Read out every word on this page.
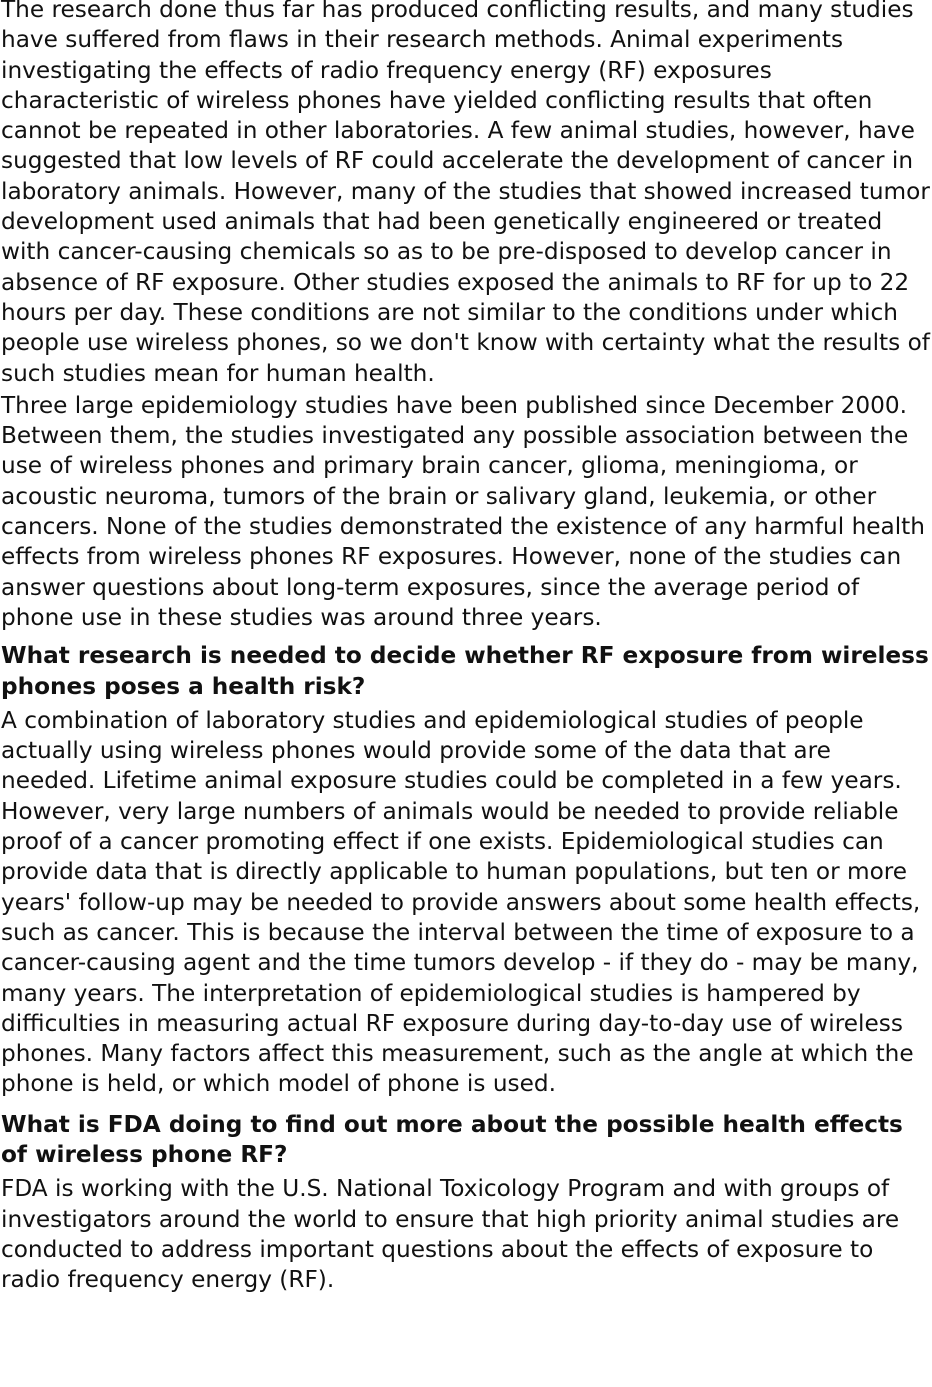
The research done thus far has produced conflicting results, and many studies have suffered from flaws in their research methods. Animal experiments investigating the effects of radio frequency energy (RF) exposures characteristic of wireless phones have yielded conflicting results that often cannot be repeated in other laboratories. A few animal studies, however, have suggested that low levels of RF could accelerate the development of cancer in laboratory animals. However, many of the studies that showed increased tumor development used animals that had been genetically engineered or treated with cancer-causing chemicals so as to be pre-disposed to develop cancer in absence of RF exposure. Other studies exposed the animals to RF for up to 22 hours per day. These conditions are not similar to the conditions under which people use wireless phones, so we don't know with certainty what the results of such studies mean for human health.

Three large epidemiology studies have been published since December 2000. Between them, the studies investigated any possible association between the use of wireless phones and primary brain cancer, glioma, meningioma, or acoustic neuroma, tumors of the brain or salivary gland, leukemia, or other cancers. None of the studies demonstrated the existence of any harmful health effects from wireless phones RF exposures. However, none of the studies can answer questions about long-term exposures, since the average period of phone use in these studies was around three years.

What research is needed to decide whether RF exposure from wireless phones poses a health risk?

A combination of laboratory studies and epidemiological studies of people actually using wireless phones would provide some of the data that are needed. Lifetime animal exposure studies could be completed in a few years. However, very large numbers of animals would be needed to provide reliable proof of a cancer promoting effect if one exists. Epidemiological studies can provide data that is directly applicable to human populations, but ten or more years' follow-up may be needed to provide answers about some health effects, such as cancer. This is because the interval between the time of exposure to a cancer-causing agent and the time tumors develop - if they do - may be many, many years. The interpretation of epidemiological studies is hampered by difficulties in measuring actual RF exposure during day-to-day use of wireless phones. Many factors affect this measurement, such as the angle at which the phone is held, or which model of phone is used.

What is FDA doing to find out more about the possible health effects of wireless phone RF?

FDA is working with the U.S. National Toxicology Program and with groups of investigators around the world to ensure that high priority animal studies are conducted to address important questions about the effects of exposure to radio frequency energy (RF).
